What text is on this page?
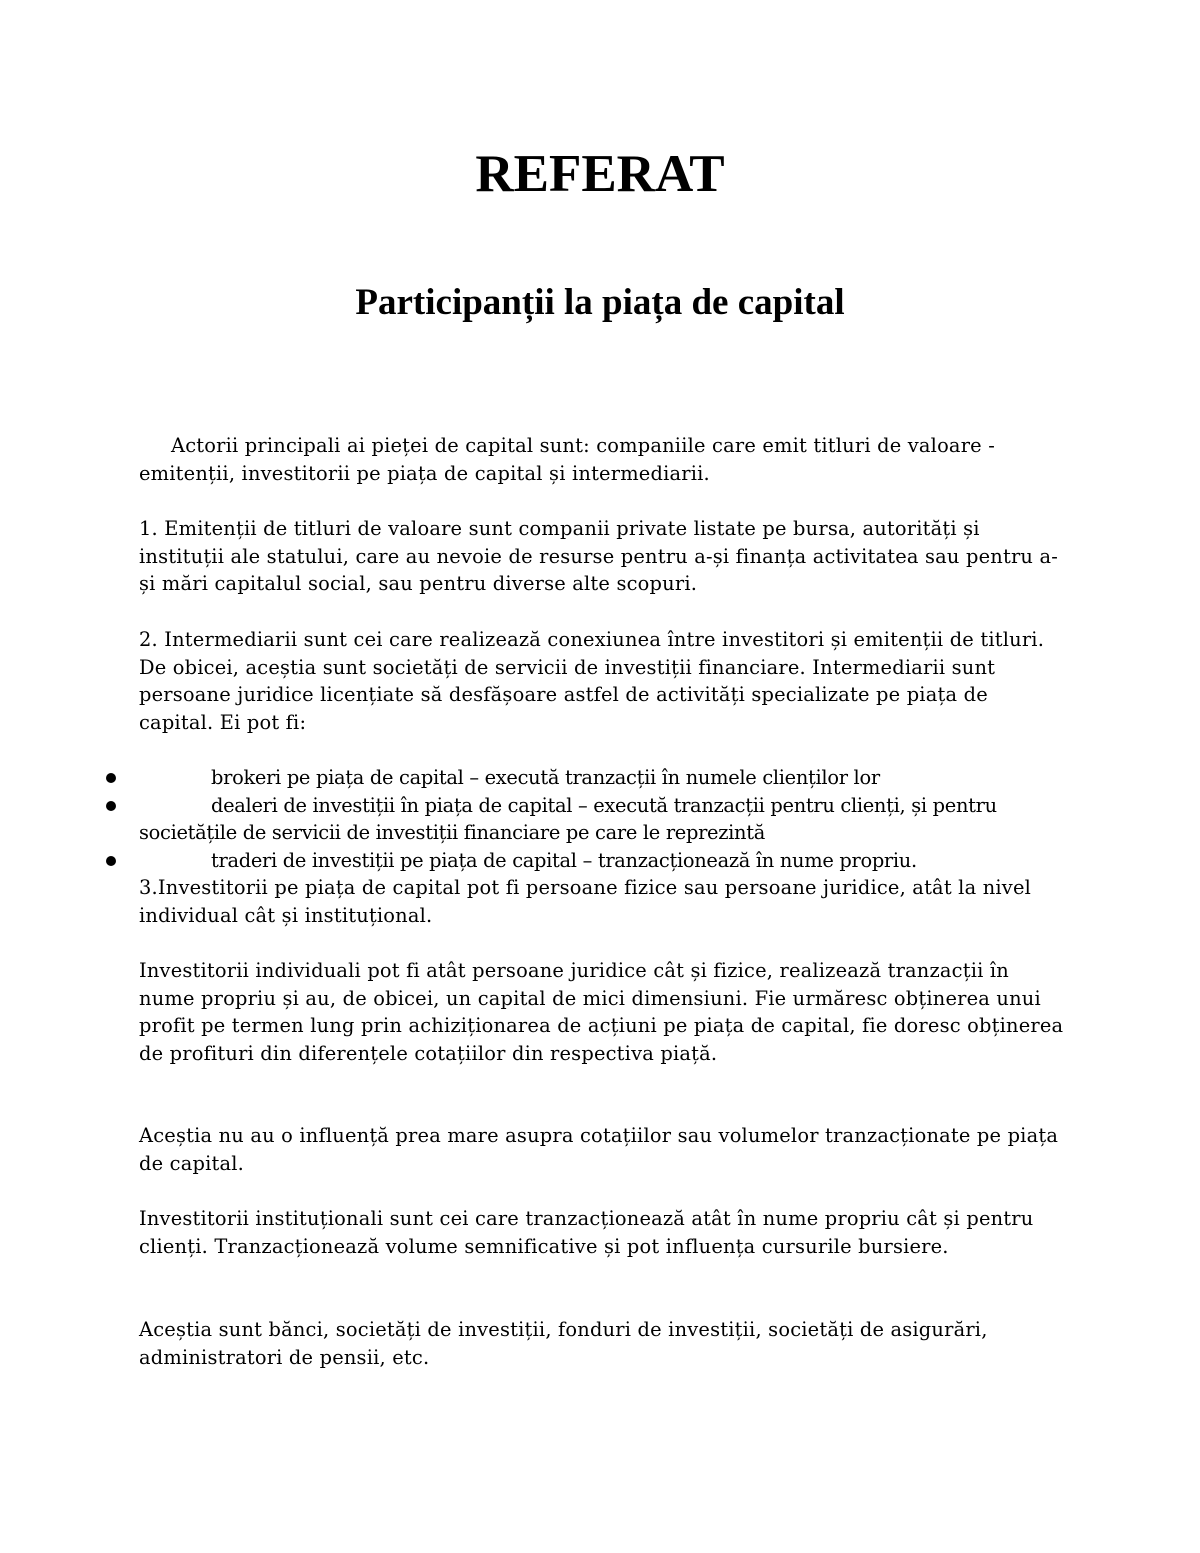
REFERAT
Participanții la piața de capital

Actorii principali ai pieței de capital sunt: companiile care emit titluri de valoare - emitenții, investitorii pe piața de capital și intermediarii.

1. Emitenții de titluri de valoare sunt companii private listate pe bursa, autorități și instituții ale statului, care au nevoie de resurse pentru a-și finanța activitatea sau pentru a-și mări capitalul social, sau pentru diverse alte scopuri.

2. Intermediarii sunt cei care realizează conexiunea între investitori și emitenții de titluri. De obicei, aceștia sunt societăți de servicii de investiții financiare. Intermediarii sunt persoane juridice licențiate să desfășoare astfel de activități specializate pe piața de capital. Ei pot fi:

brokeri pe piața de capital – execută tranzacții în numele clienților lor
dealeri de investiții în piața de capital – execută tranzacții pentru clienți, și pentru societățile de servicii de investiții financiare pe care le reprezintă
traderi de investiții pe piața de capital – tranzacționează în nume propriu.

3.Investitorii pe piața de capital pot fi persoane fizice sau persoane juridice, atât la nivel individual cât și instituțional.

Investitorii individuali pot fi atât persoane juridice cât și fizice, realizează tranzacții în nume propriu și au, de obicei, un capital de mici dimensiuni. Fie urmăresc obținerea unui profit pe termen lung prin achiziționarea de acțiuni pe piața de capital, fie doresc obținerea de profituri din diferențele cotațiilor din respectiva piață.

Aceștia nu au o influență prea mare asupra cotațiilor sau volumelor tranzacționate pe piața de capital.

Investitorii instituționali sunt cei care tranzacționează atât în nume propriu cât și pentru clienți. Tranzacționează volume semnificative și pot influența cursurile bursiere.

Aceștia sunt bănci, societăți de investiții, fonduri de investiții, societăți de asigurări, administratori de pensii, etc.
